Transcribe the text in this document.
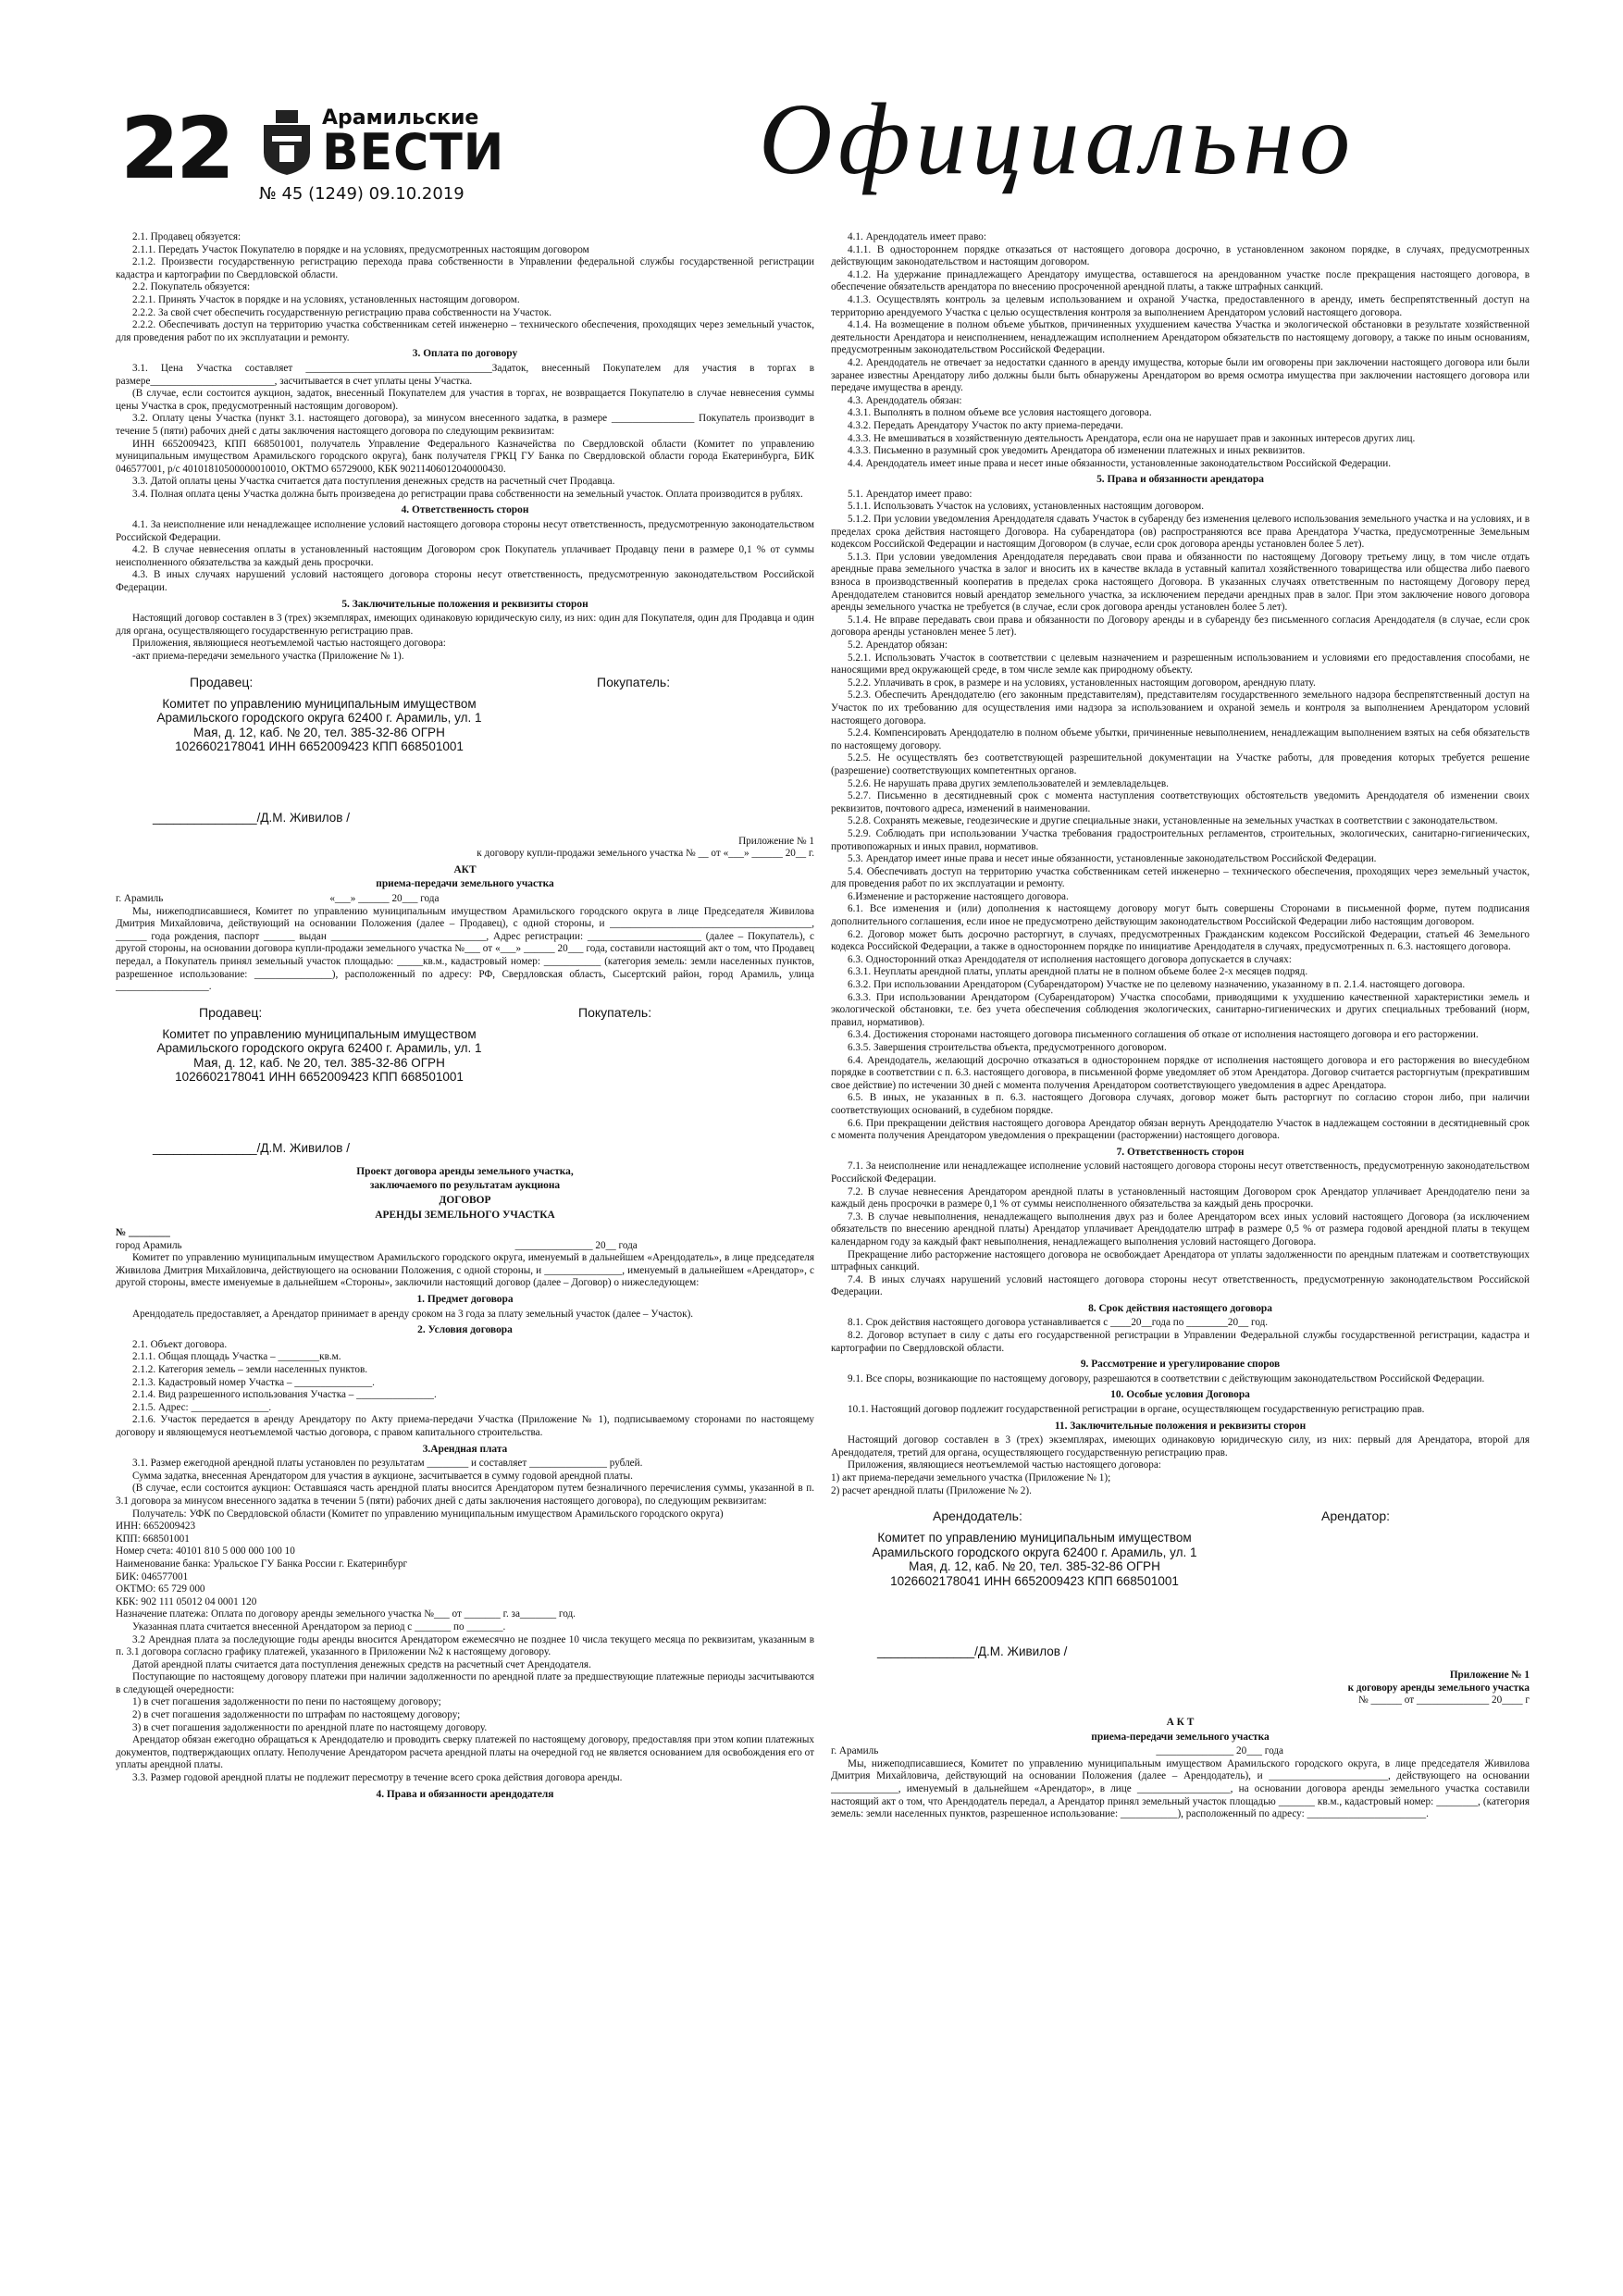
22	Арамильские
ВЕСТИ
№ 45 (1249) 09.10.2019	Официально

2.1. Продавец обязуется:

2.1.1. Передать Участок Покупателю в порядке и на условиях, предусмотренных настоящим договором

2.1.2. Произвести государственную регистрацию перехода права собственности в Управлении федеральной службы государственной регистрации кадастра и картографии по Свердловской области.

2.2. Покупатель обязуется:

2.2.1. Принять Участок в порядке и на условиях, установленных настоящим договором.

2.2.2. За свой счет обеспечить государственную регистрацию права собственности на Участок.

2.2.2. Обеспечивать доступ на территорию участка собственникам сетей инженерно – технического обеспечения, проходящих через земельный участок, для проведения работ по их эксплуатации и ремонту.

3. Оплата по договору

3.1. Цена Участка составляет ____________________________________Задаток, внесенный Покупателем для участия в торгах в размере________________________, засчитывается в счет уплаты цены Участка.

(В случае, если состоится аукцион, задаток, внесенный Покупателем для участия в торгах, не возвращается Покупателю в случае невнесения суммы цены Участка в срок, предусмотренный настоящим договором).

3.2. Оплату цены Участка (пункт 3.1. настоящего договора), за минусом внесенного задатка, в размере ________________ Покупатель производит в течение 5 (пяти) рабочих дней с даты заключения настоящего договора по следующим реквизитам:

ИНН 6652009423, КПП 668501001, получатель Управление Федерального Казначейства по Свердловской области (Комитет по управлению муниципальным имуществом Арамильского городского округа), банк получателя ГРКЦ ГУ Банка по Свердловской области города Екатеринбурга, БИК 046577001, р/с 40101810500000010010, ОКТМО 65729000, КБК 90211406012040000430.

3.3. Датой оплаты цены Участка считается дата поступления денежных средств на расчетный счет Продавца.

3.4. Полная оплата цены Участка должна быть произведена до регистрации права собственности на земельный участок. Оплата производится в рублях.

4. Ответственность сторон

4.1. За неисполнение или ненадлежащее исполнение условий настоящего договора стороны несут ответственность, предусмотренную законодательством Российской Федерации.

4.2. В случае невнесения оплаты в установленный настоящим Договором срок Покупатель уплачивает Продавцу пени в размере 0,1 % от суммы неисполненного обязательства за каждый день просрочки.

4.3. В иных случаях нарушений условий настоящего договора стороны несут ответственность, предусмотренную законодательством Российской Федерации.

5. Заключительные положения и реквизиты сторон

Настоящий договор составлен в 3 (трех) экземплярах, имеющих одинаковую юридическую силу, из них: один для Покупателя, один для Продавца и один для органа, осуществляющего государственную регистрацию прав.

Приложения, являющиеся неотъемлемой частью настоящего договора:

-акт приема-передачи земельного участка (Приложение № 1).

Продавец:	Покупатель:
Комитет по управлению муниципальным имуществом Арамильского городского округа 62400 г. Арамиль, ул. 1 Мая, д. 12, каб. № 20, тел. 385-32-86 ОГРН 1026602178041 ИНН 6652009423 КПП 668501001
_______________/Д.М. Живилов /
Приложение № 1
к договору купли-продажи земельного участка № __ от «___» ______ 20__ г.
АКТ
приема-передачи земельного участка

г. Арамиль	«___» ______ 20___ года

Мы, нижеподписавшиеся, Комитет по управлению муниципальным имуществом Арамильского городского округа в лице Председателя Живилова Дмитрия Михайловича, действующий на основании Положения (далее – Продавец), с одной стороны, и _______________________________________, ______ года рождения, паспорт ______ выдан ______________________________, Адрес регистрации: ______________________ (далее – Покупатель), с другой стороны, на основании договора купли-продажи земельного участка №___ от «___» ______ 20___ года, составили настоящий акт о том, что Продавец передал, а Покупатель принял земельный участок площадью: _____кв.м., кадастровый номер: ___________ (категория земель: земли населенных пунктов, разрешенное использование: _______________), расположенный по адресу: РФ, Свердловская область, Сысертский район, город Арамиль, улица __________________.

Продавец:	Покупатель:
Комитет по управлению муниципальным имуществом Арамильского городского округа 62400 г. Арамиль, ул. 1 Мая, д. 12, каб. № 20, тел. 385-32-86 ОГРН 1026602178041 ИНН 6652009423 КПП 668501001
_______________/Д.М. Живилов /
Проект договора аренды земельного участка,
заключаемого по результатам аукциона
ДОГОВОР
АРЕНДЫ ЗЕМЕЛЬНОГО УЧАСТКА

№ ________

город Арамиль	_______________ 20__ года

Комитет по управлению муниципальным имуществом Арамильского городского округа, именуемый в дальнейшем «Арендодатель», в лице председателя Живилова Дмитрия Михайловича, действующего на основании Положения, с одной стороны, и _______________, именуемый в дальнейшем «Арендатор», с другой стороны, вместе именуемые в дальнейшем «Стороны», заключили настоящий договор (далее – Договор) о нижеследующем:

1. Предмет договора

Арендодатель предоставляет, а Арендатор принимает в аренду сроком на 3 года за плату земельный участок (далее – Участок).

2. Условия договора

2.1. Объект договора.

2.1.1. Общая площадь Участка – ________кв.м.

2.1.2. Категория земель – земли населенных пунктов.

2.1.3. Кадастровый номер Участка – _______________.

2.1.4. Вид разрешенного использования Участка – _______________.

2.1.5. Адрес: _______________.

2.1.6. Участок передается в аренду Арендатору по Акту приема-передачи Участка (Приложение № 1), подписываемому сторонами по настоящему договору и являющемуся неотъемлемой частью договора, с правом капитального строительства.

3.Арендная плата

3.1. Размер ежегодной арендной платы установлен по результатам ________ и составляет _______________ рублей.

Сумма задатка, внесенная Арендатором для участия в аукционе, засчитывается в сумму годовой арендной платы.

(В случае, если состоится аукцион: Оставшаяся часть арендной платы вносится Арендатором путем безналичного перечисления суммы, указанной в п. 3.1 договора за минусом внесенного задатка в течении 5 (пяти) рабочих дней с даты заключения настоящего договора), по следующим реквизитам:

Получатель: УФК по Свердловской области (Комитет по управлению муниципальным имуществом Арамильского городского округа)

ИНН: 6652009423

КПП: 668501001

Номер счета: 40101 810 5 000 000 100 10

Наименование банка: Уральское ГУ Банка России г. Екатеринбург

БИК: 046577001

ОКТМО: 65 729 000

КБК: 902 111 05012 04 0001 120

Назначение платежа: Оплата по договору аренды земельного участка №___ от _______ г. за_______ год.

Указанная плата считается внесенной Арендатором за период с _______ по _______.

3.2 Арендная плата за последующие годы аренды вносится Арендатором ежемесячно не позднее 10 числа текущего месяца по реквизитам, указанным в п. 3.1 договора согласно графику платежей, указанного в Приложении №2 к настоящему договору.

Датой арендной платы считается дата поступления денежных средств на расчетный счет Арендодателя.

Поступающие по настоящему договору платежи при наличии задолженности по арендной плате за предшествующие платежные периоды засчитываются в следующей очередности:

1) в счет погашения задолженности по пени по настоящему договору;

2) в счет погашения задолженности по штрафам по настоящему договору;

3) в счет погашения задолженности по арендной плате по настоящему договору.

Арендатор обязан ежегодно обращаться к Арендодателю и проводить сверку платежей по настоящему договору, предоставляя при этом копии платежных документов, подтверждающих оплату. Неполучение Арендатором расчета арендной платы на очередной год не является основанием для освобождения его от уплаты арендной платы.

3.3. Размер годовой арендной платы не подлежит пересмотру в течение всего срока действия договора аренды.

4. Права и обязанности арендодателя

4.1. Арендодатель имеет право:

4.1.1. В одностороннем порядке отказаться от настоящего договора досрочно, в установленном законом порядке, в случаях, предусмотренных действующим законодательством и настоящим договором.

4.1.2. На удержание принадлежащего Арендатору имущества, оставшегося на арендованном участке после прекращения настоящего договора, в обеспечение обязательств арендатора по внесению просроченной арендной платы, а также штрафных санкций.

4.1.3. Осуществлять контроль за целевым использованием и охраной Участка, предоставленного в аренду, иметь беспрепятственный доступ на территорию арендуемого Участка с целью осуществления контроля за выполнением Арендатором условий настоящего договора.

4.1.4. На возмещение в полном объеме убытков, причиненных ухудшением качества Участка и экологической обстановки в результате хозяйственной деятельности Арендатора и неисполнением, ненадлежащим исполнением Арендатором обязательств по настоящему договору, а также по иным основаниям, предусмотренным законодательством Российской Федерации.

4.2. Арендодатель не отвечает за недостатки сданного в аренду имущества, которые были им оговорены при заключении настоящего договора или были заранее известны Арендатору либо должны были быть обнаружены Арендатором во время осмотра имущества при заключении настоящего договора или передаче имущества в аренду.

4.3. Арендодатель обязан:

4.3.1. Выполнять в полном объеме все условия настоящего договора.

4.3.2. Передать Арендатору Участок по акту приема-передачи.

4.3.3. Не вмешиваться в хозяйственную деятельность Арендатора, если она не нарушает прав и законных интересов других лиц.

4.3.3. Письменно в разумный срок уведомить Арендатора об изменении платежных и иных реквизитов.

4.4. Арендодатель имеет иные права и несет иные обязанности, установленные законодательством Российской Федерации.

5. Права и обязанности арендатора

5.1. Арендатор имеет право:

5.1.1. Использовать Участок на условиях, установленных настоящим договором.

5.1.2. При условии уведомления Арендодателя сдавать Участок в субаренду без изменения целевого использования земельного участка и на условиях, и в пределах срока действия настоящего Договора. На субарендатора (ов) распространяются все права Арендатора Участка, предусмотренные Земельным кодексом Российской Федерации и настоящим Договором (в случае, если срок договора аренды установлен более 5 лет).

5.1.3. При условии уведомления Арендодателя передавать свои права и обязанности по настоящему Договору третьему лицу, в том числе отдать арендные права земельного участка в залог и вносить их в качестве вклада в уставный капитал хозяйственного товарищества или общества либо паевого взноса в производственный кооператив в пределах срока настоящего Договора. В указанных случаях ответственным по настоящему Договору перед Арендодателем становится новый арендатор земельного участка, за исключением передачи арендных прав в залог. При этом заключение нового договора аренды земельного участка не требуется (в случае, если срок договора аренды установлен более 5 лет).

5.1.4. Не вправе передавать свои права и обязанности по Договору аренды и в субаренду без письменного согласия Арендодателя (в случае, если срок договора аренды установлен менее 5 лет).

5.2. Арендатор обязан:

5.2.1. Использовать Участок в соответствии с целевым назначением и разрешенным использованием и условиями его предоставления способами, не наносящими вред окружающей среде, в том числе земле как природному объекту.

5.2.2. Уплачивать в срок, в размере и на условиях, установленных настоящим договором, арендную плату.

5.2.3. Обеспечить Арендодателю (его законным представителям), представителям государственного земельного надзора беспрепятственный доступ на Участок по их требованию для осуществления ими надзора за использованием и охраной земель и контроля за выполнением Арендатором условий настоящего договора.

5.2.4. Компенсировать Арендодателю в полном объеме убытки, причиненные невыполнением, ненадлежащим выполнением взятых на себя обязательств по настоящему договору.

5.2.5. Не осуществлять без соответствующей разрешительной документации на Участке работы, для проведения которых требуется решение (разрешение) соответствующих компетентных органов.

5.2.6. Не нарушать права других землепользователей и землевладельцев.

5.2.7. Письменно в десятидневный срок с момента наступления соответствующих обстоятельств уведомить Арендодателя об изменении своих реквизитов, почтового адреса, изменений в наименовании.

5.2.8. Сохранять межевые, геодезические и другие специальные знаки, установленные на земельных участках в соответствии с законодательством.

5.2.9. Соблюдать при использовании Участка требования градостроительных регламентов, строительных, экологических, санитарно-гигиенических, противопожарных и иных правил, нормативов.

5.3. Арендатор имеет иные права и несет иные обязанности, установленные законодательством Российской Федерации.

5.4. Обеспечивать доступ на территорию участка собственникам сетей инженерно – технического обеспечения, проходящих через земельный участок, для проведения работ по их эксплуатации и ремонту.

6.Изменение и расторжение настоящего договора.

6.1. Все изменения и (или) дополнения к настоящему договору могут быть совершены Сторонами в письменной форме, путем подписания дополнительного соглашения, если иное не предусмотрено действующим законодательством Российской Федерации либо настоящим договором.

6.2. Договор может быть досрочно расторгнут, в случаях, предусмотренных Гражданским кодексом Российской Федерации, статьей 46 Земельного кодекса Российской Федерации, а также в одностороннем порядке по инициативе Арендодателя в случаях, предусмотренных п. 6.3. настоящего договора.

6.3. Односторонний отказ Арендодателя от исполнения настоящего договора допускается в случаях:

6.3.1. Неуплаты арендной платы, уплаты арендной платы не в полном объеме более 2-х месяцев подряд.

6.3.2. При использовании Арендатором (Субарендатором) Участке не по целевому назначению, указанному в п. 2.1.4. настоящего договора.

6.3.3. При использовании Арендатором (Субарендатором) Участка способами, приводящими к ухудшению качественной характеристики земель и экологической обстановки, т.е. без учета обеспечения соблюдения экологических, санитарно-гигиенических и других специальных требований (норм, правил, нормативов).

6.3.4. Достижения сторонами настоящего договора письменного соглашения об отказе от исполнения настоящего договора и его расторжении.

6.3.5. Завершения строительства объекта, предусмотренного договором.

6.4. Арендодатель, желающий досрочно отказаться в одностороннем порядке от исполнения настоящего договора и его расторжения во внесудебном порядке в соответствии с п. 6.3. настоящего договора, в письменной форме уведомляет об этом Арендатора. Договор считается расторгнутым (прекратившим свое действие) по истечении 30 дней с момента получения Арендатором соответствующего уведомления в адрес Арендатора.

6.5. В иных, не указанных в п. 6.3. настоящего Договора случаях, договор может быть расторгнут по согласию сторон либо, при наличии соответствующих оснований, в судебном порядке.

6.6. При прекращении действия настоящего договора Арендатор обязан вернуть Арендодателю Участок в надлежащем состоянии в десятидневный срок с момента получения Арендатором уведомления о прекращении (расторжении) настоящего договора.

7. Ответственность сторон

7.1. За неисполнение или ненадлежащее исполнение условий настоящего договора стороны несут ответственность, предусмотренную законодательством Российской Федерации.

7.2. В случае невнесения Арендатором арендной платы в установленный настоящим Договором срок Арендатор уплачивает Арендодателю пени за каждый день просрочки в размере 0,1 % от суммы неисполненного обязательства за каждый день просрочки.

7.3. В случае невыполнения, ненадлежащего выполнения двух раз и более Арендатором всех иных условий настоящего Договора (за исключением обязательств по внесению арендной платы) Арендатор уплачивает Арендодателю штраф в размере 0,5 % от размера годовой арендной платы в текущем календарном году за каждый факт невыполнения, ненадлежащего выполнения условий настоящего Договора.

Прекращение либо расторжение настоящего договора не освобождает Арендатора от уплаты задолженности по арендным платежам и соответствующих штрафных санкций.

7.4. В иных случаях нарушений условий настоящего договора стороны несут ответственность, предусмотренную законодательством Российской Федерации.

8. Срок действия настоящего договора

8.1. Срок действия настоящего договора устанавливается с ____20__года по ________20__ год.

8.2. Договор вступает в силу с даты его государственной регистрации в Управлении Федеральной службы государственной регистрации, кадастра и картографии по Свердловской области.

9. Рассмотрение и урегулирование споров

9.1. Все споры, возникающие по настоящему договору, разрешаются в соответствии с действующим законодательством Российской Федерации.

10. Особые условия Договора

10.1. Настоящий договор подлежит государственной регистрации в органе, осуществляющем государственную регистрацию прав.

11. Заключительные положения и реквизиты сторон

Настоящий договор составлен в 3 (трех) экземплярах, имеющих одинаковую юридическую силу, из них: первый для Арендатора, второй для Арендодателя, третий для органа, осуществляющего государственную регистрацию прав.

Приложения, являющиеся неотъемлемой частью настоящего договора:

1) акт приема-передачи земельного участка (Приложение № 1);

2) расчет арендной платы (Приложение № 2).

Арендодатель:	Арендатор:
Комитет по управлению муниципальным имуществом Арамильского городского округа 62400 г. Арамиль, ул. 1 Мая, д. 12, каб. № 20, тел. 385-32-86 ОГРН 1026602178041 ИНН 6652009423 КПП 668501001
______________/Д.М. Живилов /
Приложение № 1
к договору аренды земельного участка
№ ______ от ______________ 20____ г
А К Т
приема-передачи земельного участка

г. Арамиль	_______________ 20___ года

Мы, нижеподписавшиеся, Комитет по управлению муниципальным имуществом Арамильского городского округа, в лице председателя Живилова Дмитрия Михайловича, действующий на основании Положения (далее – Арендодатель), и _______________________, действующего на основании _____________, именуемый в дальнейшем «Арендатор», в лице __________________, на основании договора аренды земельного участка составили настоящий акт о том, что Арендодатель передал, а Арендатор принял земельный участок площадью _______ кв.м., кадастровый номер: ________, (категория земель: земли населенных пунктов, разрешенное использование: ___________), расположенный по адресу: _______________________.
